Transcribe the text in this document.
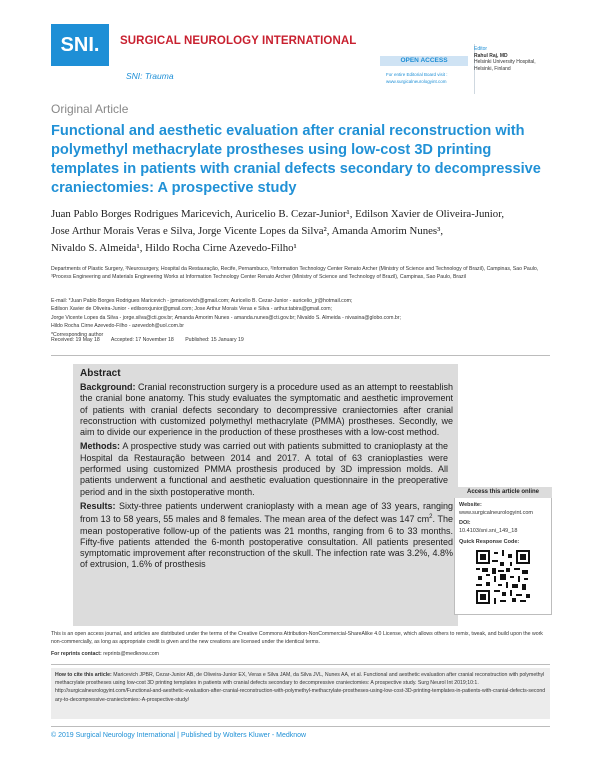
SNI.	SURGICAL NEUROLOGY INTERNATIONAL
SNI: Trauma
OPEN ACCESS
For entire Editorial Board visit :
www.surgicalneurologyint.com
Editor
Rahul Raj, MD
Helsinki University Hospital,
Helsinki, Finland
Original Article
Functional and aesthetic evaluation after cranial reconstruction with polymethyl methacrylate prostheses using low-cost 3D printing templates in patients with cranial defects secondary to decompressive craniectomies: A prospective study
Juan Pablo Borges Rodrigues Maricevich, Auricelio B. Cezar-Junior¹, Edilson Xavier de Oliveira-Junior,
Jose Arthur Morais Veras e Silva, Jorge Vicente Lopes da Silva², Amanda Amorim Nunes³,
Nivaldo S. Almeida¹, Hildo Rocha Cirne Azevedo-Filho¹
Departments of Plastic Surgery, ¹Neurosurgery, Hospital da Restauração, Recife, Pernambuco, ²Information Technology Center Renato Archer (Ministry of Science and Technology of Brazil), Campinas, Sao Paulo, ³Process Engineering and Materials Engineering Works at Information Technology Center Renato Archer (Ministry of Science and Technology of Brazil), Campinas, Sao Paulo, Brazil
E-mail: *Juan Pablo Borges Rodrigues Maricevich - jpmaricevich@gmail.com; Auricelio B. Cezar-Junior - auricelio_jr@hotmail.com;
Edilson Xavier de Oliveira-Junior - edilsonxjunior@gmail.com; Jose Arthur Morais Veras e Silva - arthur.tabira@gmail.com;
Jorge Vicente Lopes da Silva - jorge.silva@cti.gov.br; Amanda Amorim Nunes - amanda.nunes@cti.gov.br; Nivaldo S. Almeida - nivasina@globo.com.br;
Hildo Rocha Cirne Azevedo-Filho - azevedoh@uol.com.br
*Corresponding author
Received: 19 May 18 Accepted: 17 November 18 Published: 15 January 19
Abstract

Background: Cranial reconstruction surgery is a procedure used as an attempt to reestablish the cranial bone anatomy. This study evaluates the symptomatic and aesthetic improvement of patients with cranial defects secondary to decompressive craniectomies after cranial reconstruction with customized polymethyl methacrylate (PMMA) prostheses. Secondly, we aim to divide our experience in the production of these prostheses with a low-cost method.

Methods: A prospective study was carried out with patients submitted to cranioplasty at the Hospital da Restauração between 2014 and 2017. A total of 63 cranioplasties were performed using customized PMMA prosthesis produced by 3D impression molds. All patients underwent a functional and aesthetic evaluation questionnaire in the preoperative period and in the sixth postoperative month.

Results: Sixty-three patients underwent cranioplasty with a mean age of 33 years, ranging from 13 to 58 years, 55 males and 8 females. The mean area of the defect was 147 $cm^2$. The mean postoperative follow-up of the patients was 21 months, ranging from 6 to 33 months. Fifty-five patients attended the 6-month postoperative consultation. All patients presented symptomatic improvement after reconstruction of the skull. The infection rate was 3.2%, 4.8% of extrusion, 1.6% of prosthesis

Access this article online
Website:
www.surgicalneurologyint.com
DOI:
10.4103/sni.sni_149_18
Quick Response Code:
This is an open access journal, and articles are distributed under the terms of the Creative Commons Attribution-NonCommercial-ShareAlike 4.0 License, which allows others to remix, tweak, and build upon the work non-commercially, as long as appropriate credit is given and the new creations are licensed under the identical terms.
For reprints contact: reprints@medknow.com
How to cite this article: Maricevich JPBR, Cezar-Junior AB, de Oliveira-Junior EX, Veras e Silva JAM, da Silva JVL, Nunes AA, et al. Functional and aesthetic evaluation after cranial reconstruction with polymethyl methacrylate prostheses using low-cost 3D printing templates in patients with cranial defects secondary to decompressive craniectomies: A prospective study. Surg Neurol Int 2019;10:1.
http://surgicalneurologyint.com/Functional-and-aesthetic-evaluation-after-cranial-reconstruction-with-polymethyl-methacrylate-prostheses-using-low-cost-3D-printing-templates-in-patients-with-cranial-defects-secondary-to-decompressive-craniectomies:-A-prospective-study/
© 2019 Surgical Neurology International | Published by Wolters Kluwer - Medknow
